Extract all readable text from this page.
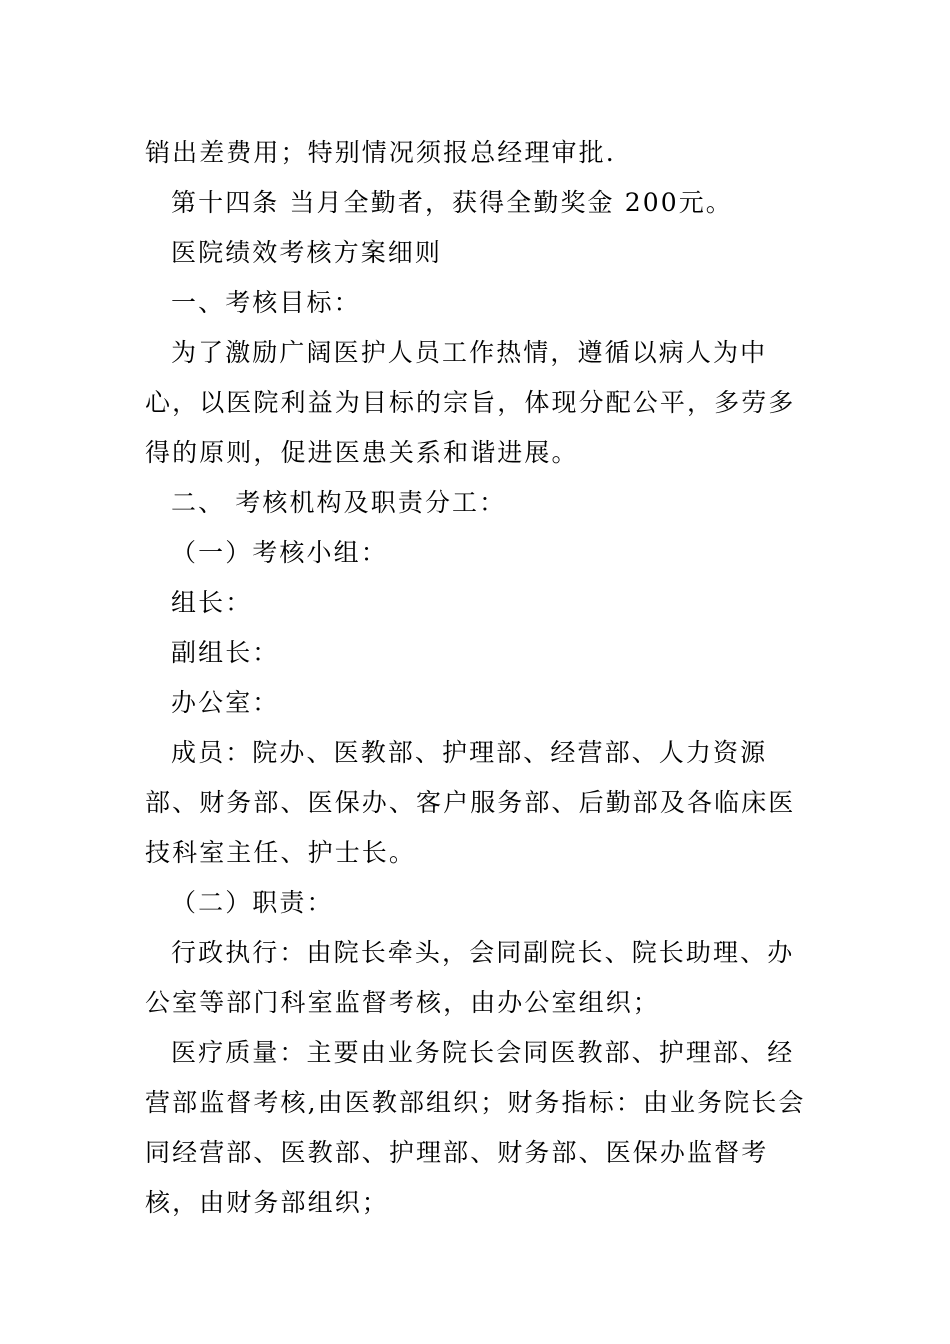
销出差费用；特别情况须报总经理审批.

第十四条 当月全勤者，获得全勤奖金 200元。

医院绩效考核方案细则

一、考核目标：

为了激励广阔医护人员工作热情，遵循以病人为中心，以医院利益为目标的宗旨，体现分配公平，多劳多得的原则，促进医患关系和谐进展。

二、 考核机构及职责分工：

（一）考核小组：

组长：

副组长：

办公室：

成员：院办、医教部、护理部、经营部、人力资源部、财务部、医保办、客户服务部、后勤部及各临床医技科室主任、护士长。

（二）职责：

行政执行：由院长牵头，会同副院长、院长助理、办公室等部门科室监督考核，由办公室组织；

医疗质量：主要由业务院长会同医教部、护理部、经营部监督考核,由医教部组织；财务指标：由业务院长会同经营部、医教部、护理部、财务部、医保办监督考核，由财务部组织；
